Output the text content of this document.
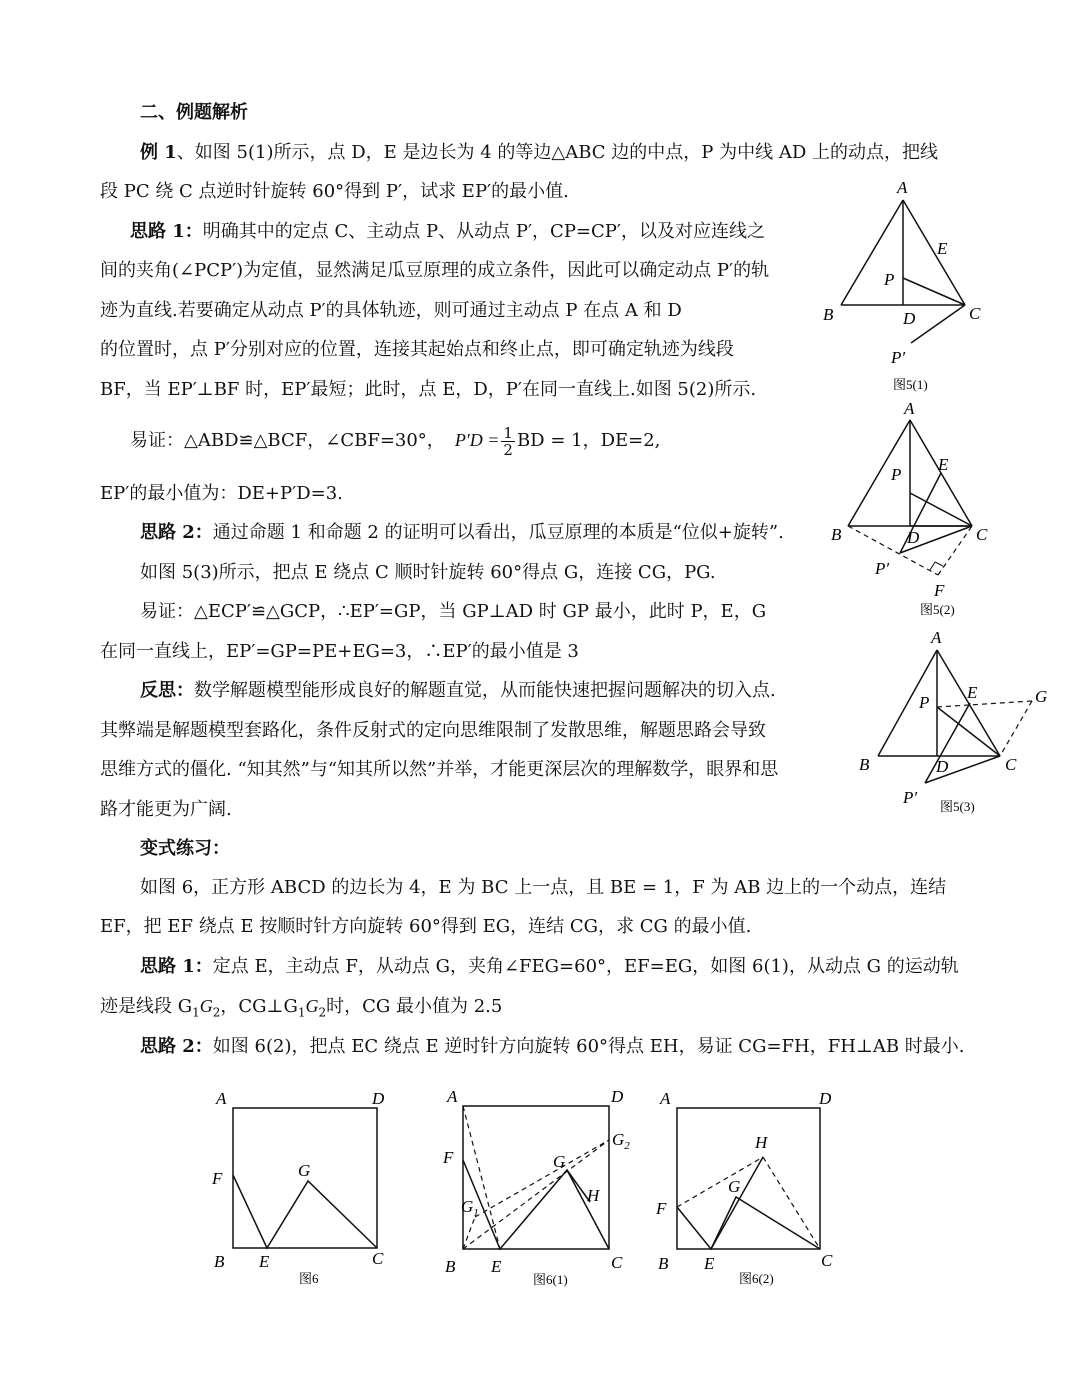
二、例题解析
例 1、如图 5(1)所示，点 D，E 是边长为 4 的等边△ABC 边的中点，P 为中线 AD 上的动点，把线
段 PC 绕 C 点逆时针旋转 60°得到 P′，试求 EP′的最小值.
思路 1：明确其中的定点 C、主动点 P、从动点 P′，CP=CP′，以及对应连线之
间的夹角(∠PCP′)为定值，显然满足瓜豆原理的成立条件，因此可以确定动点 P′的轨
迹为直线.若要确定从动点 P′的具体轨迹，则可通过主动点 P 在点 A 和 D
的位置时，点 P′分别对应的位置，连接其起始点和终止点，即可确定轨迹为线段
BF，当 EP′⊥BF 时，EP′最短；此时，点 E，D，P′在同一直线上.如图 5(2)所示.
易证：△ABD≌△BCF，∠CBF=30°， $P'D = \frac{1}{2}$ BD = 1，DE=2,
EP′的最小值为：DE+P′D=3.
思路 2：通过命题 1 和命题 2 的证明可以看出，瓜豆原理的本质是“位似+旋转”.
如图 5(3)所示，把点 E 绕点 C 顺时针旋转 60°得点 G，连接 CG，PG.
易证：△ECP′≌△GCP，∴EP′=GP，当 GP⊥AD 时 GP 最小，此时 P，E，G
在同一直线上，EP′=GP=PE+EG=3，∴EP′的最小值是 3
反思：数学解题模型能形成良好的解题直觉，从而能快速把握问题解决的切入点.
其弊端是解题模型套路化，条件反射式的定向思维限制了发散思维，解题思路会导致
思维方式的僵化. “知其然”与“知其所以然”并举，才能更深层次的理解数学，眼界和思
路才能更为广阔.
变式练习：
如图 6，正方形 ABCD 的边长为 4，E 为 BC 上一点，且 BE = 1，F 为 AB 边上的一个动点，连结
EF，把 EF 绕点 E 按顺时针方向旋转 60°得到 EG，连结 CG，求 CG 的最小值.
思路 1：定点 E，主动点 F，从动点 G，夹角∠FEG=60°，EF=EG，如图 6(1)，从动点 G 的运动轨
迹是线段 $G_1G_2$，$CG\perp G_1G_2$时，CG 最小值为 2.5
思路 2：如图 6(2)，把点 EC 绕点 E 逆时针方向旋转 60°得点 EH，易证 CG=FH，FH⊥AB 时最小.
A
B	C
D
E
P
P′
图5(1)
A
B	C
D
E
P
P′
F
图5(2)
A
B	C
D
E
P	G
P′ 图5(3)
A	D
F	G
B E	C
图6
A	D
F	G
H
$G_1$
$G_2$
B E	C
图6(1)
A	D
H
G
F
B E	C
图6(2)
